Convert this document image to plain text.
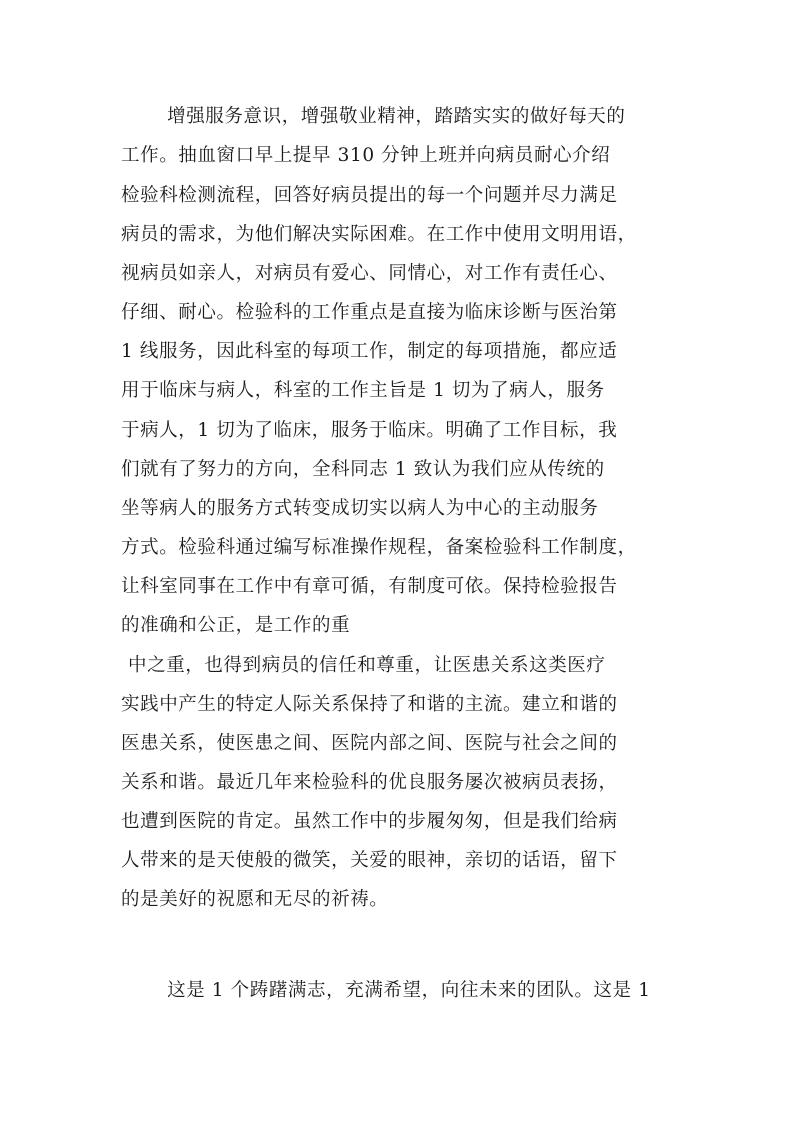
　增强服务意识，增强敬业精神，踏踏实实的做好每天的
工作。抽血窗口早上提早 310 分钟上班并向病员耐心介绍
检验科检测流程，回答好病员提出的每一个问题并尽力满足
病员的需求，为他们解决实际困难。在工作中使用文明用语，
视病员如亲人，对病员有爱心、同情心，对工作有责任心、
仔细、耐心。检验科的工作重点是直接为临床诊断与医治第
1 线服务，因此科室的每项工作，制定的每项措施，都应适
用于临床与病人，科室的工作主旨是 1 切为了病人，服务
于病人，1 切为了临床，服务于临床。明确了工作目标，我
们就有了努力的方向，全科同志 1 致认为我们应从传统的
坐等病人的服务方式转变成切实以病人为中心的主动服务
方式。检验科通过编写标准操作规程，备案检验科工作制度，
让科室同事在工作中有章可循，有制度可依。保持检验报告
的准确和公正，是工作的重
中之重，也得到病员的信任和尊重，让医患关系这类医疗
实践中产生的特定人际关系保持了和谐的主流。建立和谐的
医患关系，使医患之间、医院内部之间、医院与社会之间的
关系和谐。最近几年来检验科的优良服务屡次被病员表扬，
也遭到医院的肯定。虽然工作中的步履匆匆，但是我们给病
人带来的是天使般的微笑，关爱的眼神，亲切的话语，留下
的是美好的祝愿和无尽的祈祷。
　这是 1 个踌躇满志，充满希望，向往未来的团队。这是 1
